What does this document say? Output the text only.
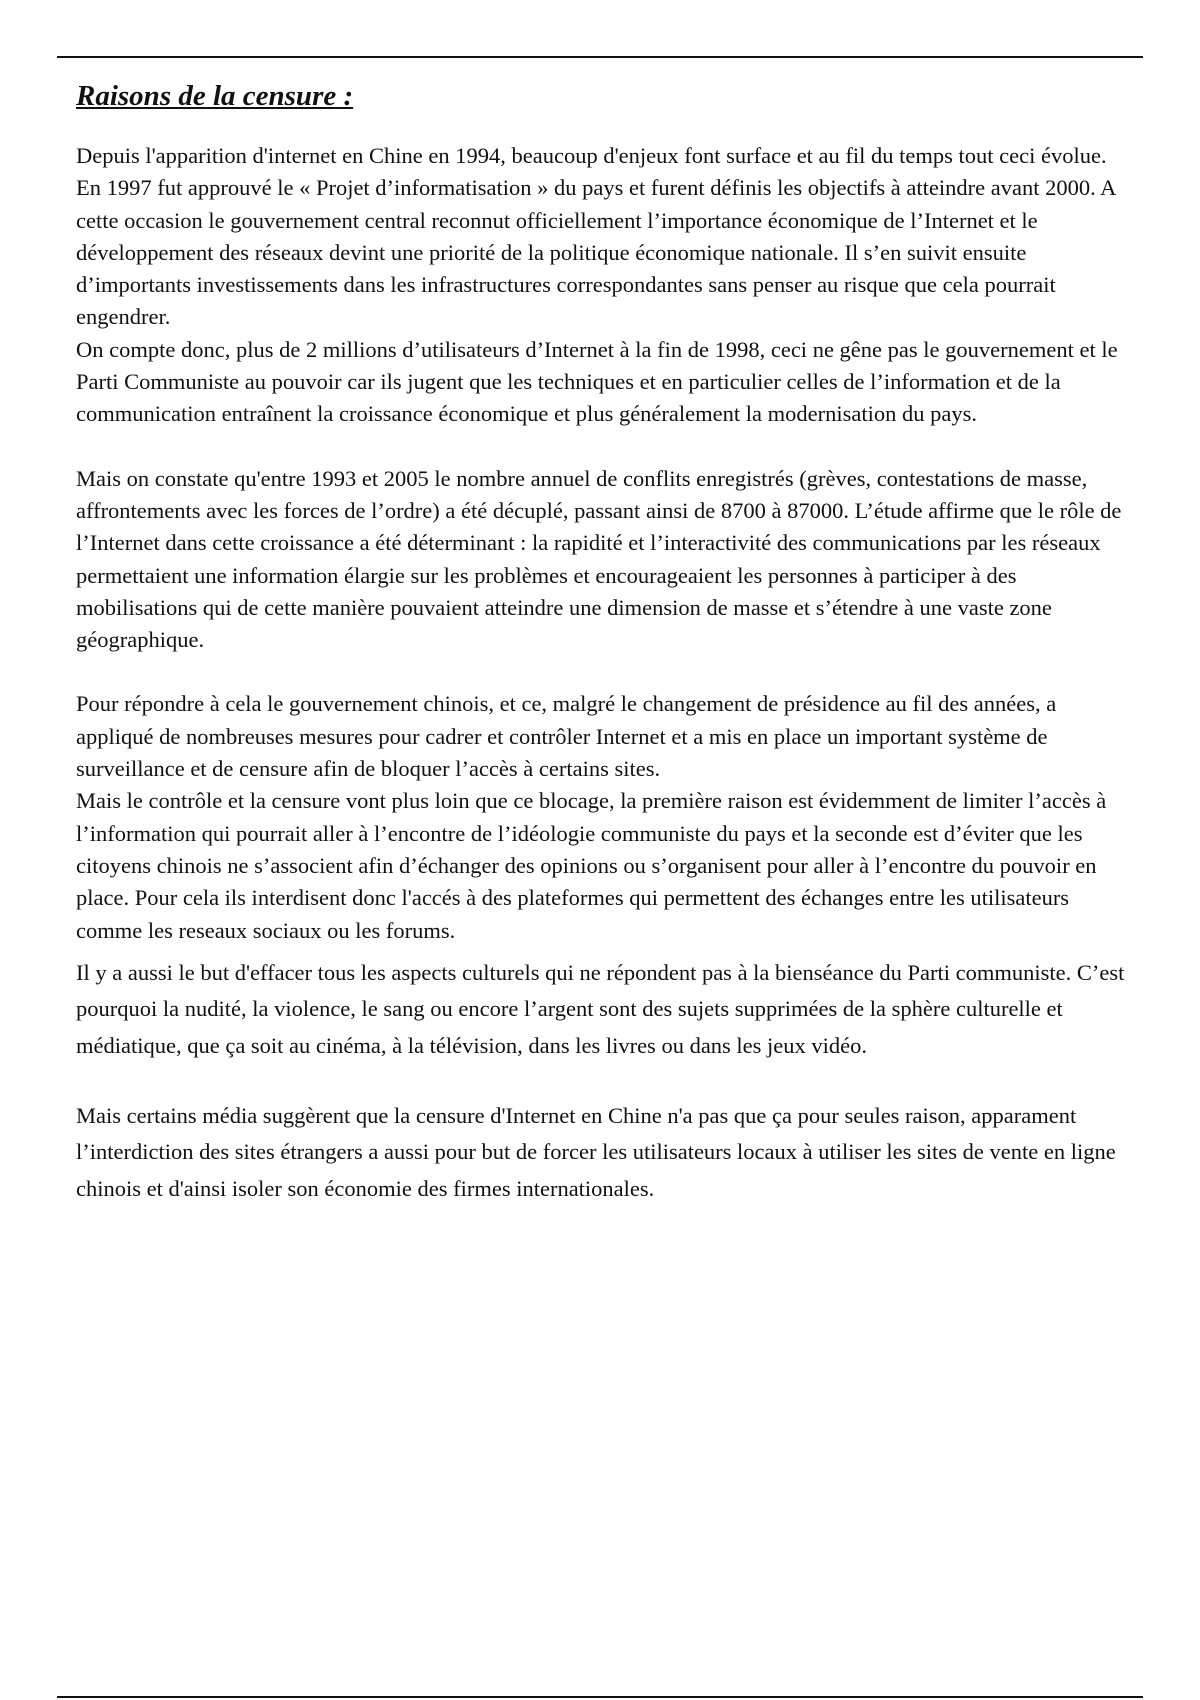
Raisons de la censure :

Depuis l'apparition d'internet en Chine en 1994, beaucoup d'enjeux font surface et au fil du temps tout ceci évolue. En 1997 fut approuvé le « Projet d’informatisation » du pays et furent définis les objectifs à atteindre avant 2000. A cette occasion le gouvernement central reconnut officiellement l’importance économique de l’Internet et le développement des réseaux devint une priorité de la politique économique nationale. Il s’en suivit ensuite d’importants investissements dans les infrastructures correspondantes sans penser au risque que cela pourrait engendrer.

On compte donc, plus de 2 millions d’utilisateurs d’Internet à la fin de 1998, ceci ne gêne pas le gouvernement et le Parti Communiste au pouvoir car ils jugent que les techniques et en particulier celles de l’information et de la communication entraînent la croissance économique et plus généralement la modernisation du pays.

Mais on constate qu'entre 1993 et 2005 le nombre annuel de conflits enregistrés (grèves, contestations de masse, affrontements avec les forces de l’ordre) a été décuplé, passant ainsi de 8700 à 87000. L’étude affirme que le rôle de l’Internet dans cette croissance a été déterminant : la rapidité et l’interactivité des communications par les réseaux permettaient une information élargie sur les problèmes et encourageaient les personnes à participer à des mobilisations qui de cette manière pouvaient atteindre une dimension de masse et s’étendre à une vaste zone géographique.

Pour répondre à cela le gouvernement chinois, et ce, malgré le changement de présidence au fil des années, a appliqué de nombreuses mesures pour cadrer et contrôler Internet et a mis en place un important système de surveillance et de censure afin de bloquer l’accès à certains sites.

Mais le contrôle et la censure vont plus loin que ce blocage, la première raison est évidemment de limiter l’accès à l’information qui pourrait aller à l’encontre de l’idéologie communiste du pays et la seconde est d’éviter que les citoyens chinois ne s’associent afin d’échanger des opinions ou s’organisent pour aller à l’encontre du pouvoir en place. Pour cela ils interdisent donc l'accés à des plateformes qui permettent des échanges entre les utilisateurs comme les reseaux sociaux ou les forums.

Il y a aussi le but d'effacer tous les aspects culturels qui ne répondent pas à la bienséance du Parti communiste. C’est pourquoi la nudité, la violence, le sang ou encore l’argent sont des sujets supprimées de la sphère culturelle et médiatique, que ça soit au cinéma, à la télévision, dans les livres ou dans les jeux vidéo.

Mais certains média suggèrent que la censure d'Internet en Chine n'a pas que ça pour seules raison, apparament l’interdiction des sites étrangers a aussi pour but de forcer les utilisateurs locaux à utiliser les sites de vente en ligne chinois et d'ainsi isoler son économie des firmes internationales.
